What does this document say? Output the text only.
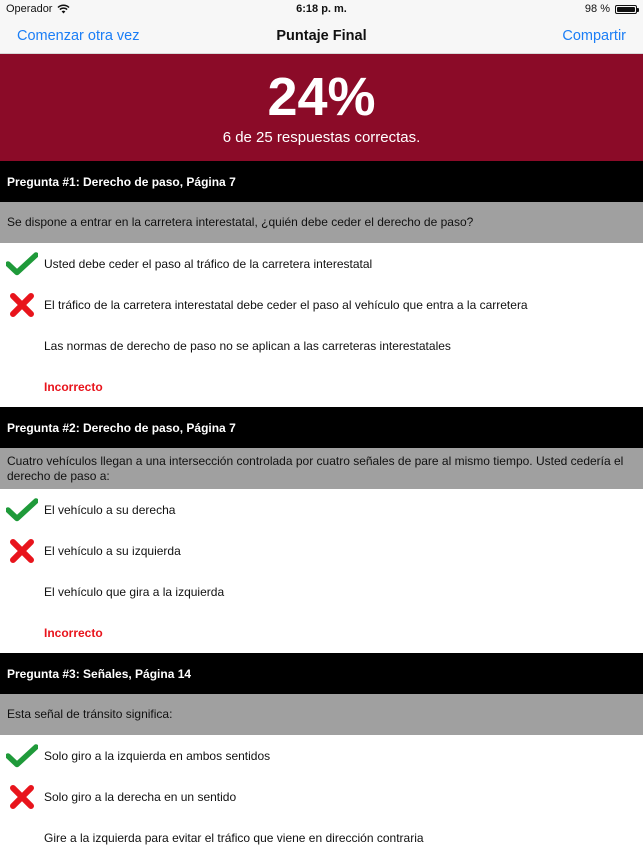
Operador	6:18 p. m.	98 %
Comenzar otra vez	Puntaje Final	Compartir
24%
6 de 25 respuestas correctas.
Pregunta #1: Derecho de paso, Página 7
Se dispone a entrar en la carretera interestatal, ¿quién debe ceder el derecho de paso?
Usted debe ceder el paso al tráfico de la carretera interestatal
El tráfico de la carretera interestatal debe ceder el paso al vehículo que entra a la carretera
Las normas de derecho de paso no se aplican a las carreteras interestatales
Incorrecto
Pregunta #2: Derecho de paso, Página 7
Cuatro vehículos llegan a una intersección controlada por cuatro señales de pare al mismo tiempo. Usted cedería el derecho de paso a:
El vehículo a su derecha
El vehículo a su izquierda
El vehículo que gira a la izquierda
Incorrecto
Pregunta #3: Señales, Página 14
Esta señal de tránsito significa:
Solo giro a la izquierda en ambos sentidos
Solo giro a la derecha en un sentido
Gire a la izquierda para evitar el tráfico que viene en dirección contraria
